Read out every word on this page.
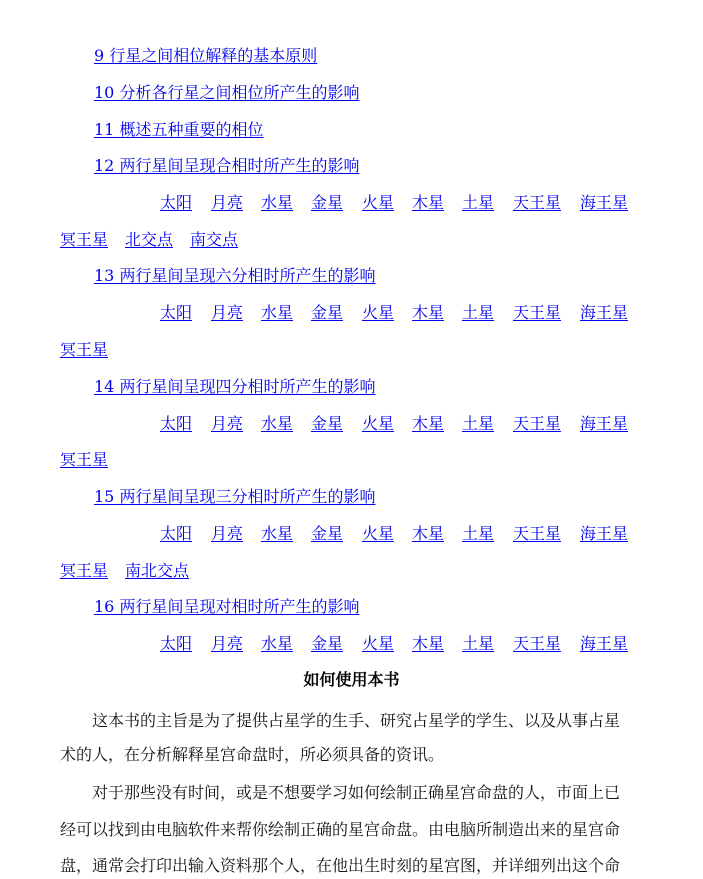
9 行星之间相位解释的基本原则
10 分析各行星之间相位所产生的影响
11 概述五种重要的相位
12 两行星间呈现合相时所产生的影响
太阳 月亮 水星 金星 火星 木星 土星 天王星 海王星
冥王星 北交点 南交点
13 两行星间呈现六分相时所产生的影响
太阳 月亮 水星 金星 火星 木星 土星 天王星 海王星
冥王星
14 两行星间呈现四分相时所产生的影响
太阳 月亮 水星 金星 火星 木星 土星 天王星 海王星
冥王星
15 两行星间呈现三分相时所产生的影响
太阳 月亮 水星 金星 火星 木星 土星 天王星 海王星
冥王星 南北交点
16 两行星间呈现对相时所产生的影响
太阳 月亮 水星 金星 火星 木星 土星 天王星 海王星
如何使用本书
　　这本书的主旨是为了提供占星学的生手、研究占星学的学生、以及从事占星
术的人，在分析解释星宫命盘时，所必须具备的资讯。
　　对于那些没有时间，或是不想要学习如何绘制正确星宫命盘的人，市面上已
经可以找到由电脑软件来帮你绘制正确的星宫命盘。由电脑所制造出来的星宫命
盘，通常会打印出输入资料那个人，在他出生时刻的星宫图，并详细列出这个命
